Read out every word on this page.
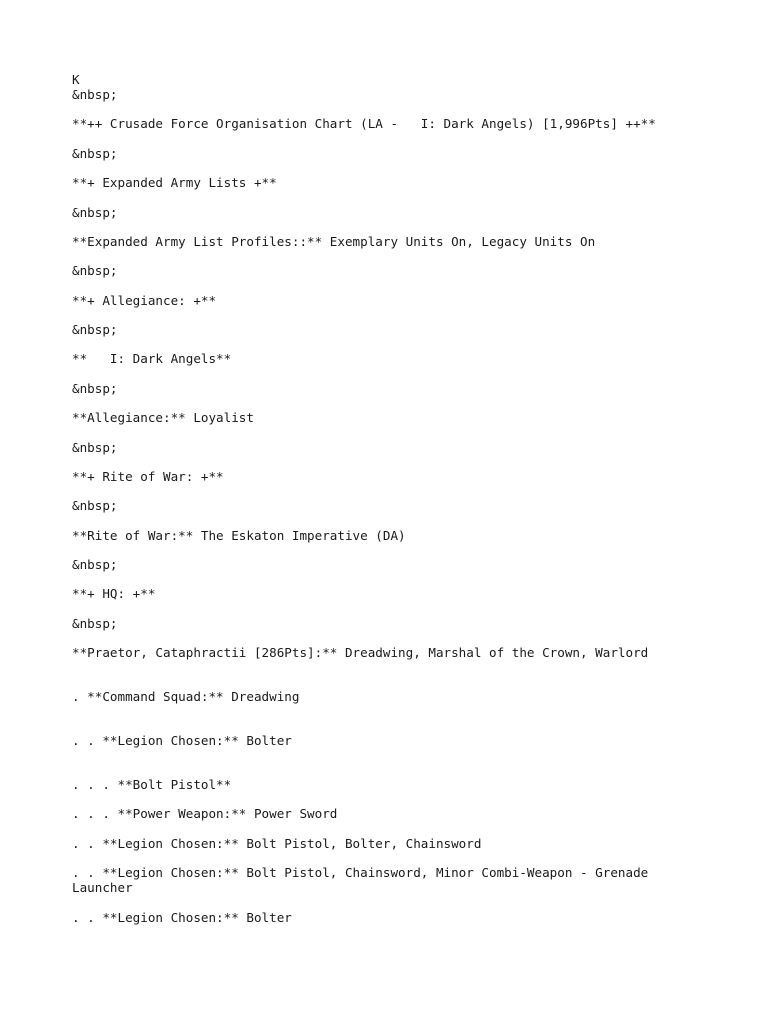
K
&nbsp;
**++ Crusade Force Organisation Chart (LA -   I: Dark Angels) [1,996Pts] ++**
&nbsp;
**+ Expanded Army Lists +**
&nbsp;
**Expanded Army List Profiles::** Exemplary Units On, Legacy Units On
&nbsp;
**+ Allegiance: +**
&nbsp;
**   I: Dark Angels**
&nbsp;
**Allegiance:** Loyalist
&nbsp;
**+ Rite of War: +**
&nbsp;
**Rite of War:** The Eskaton Imperative (DA)
&nbsp;
**+ HQ: +**
&nbsp;
**Praetor, Cataphractii [286Pts]:** Dreadwing, Marshal of the Crown, Warlord
. **Command Squad:** Dreadwing
. . **Legion Chosen:** Bolter
. . . **Bolt Pistol**
. . . **Power Weapon:** Power Sword
. . **Legion Chosen:** Bolt Pistol, Bolter, Chainsword
. . **Legion Chosen:** Bolt Pistol, Chainsword, Minor Combi-Weapon - Grenade Launcher
. . **Legion Chosen:** Bolter
